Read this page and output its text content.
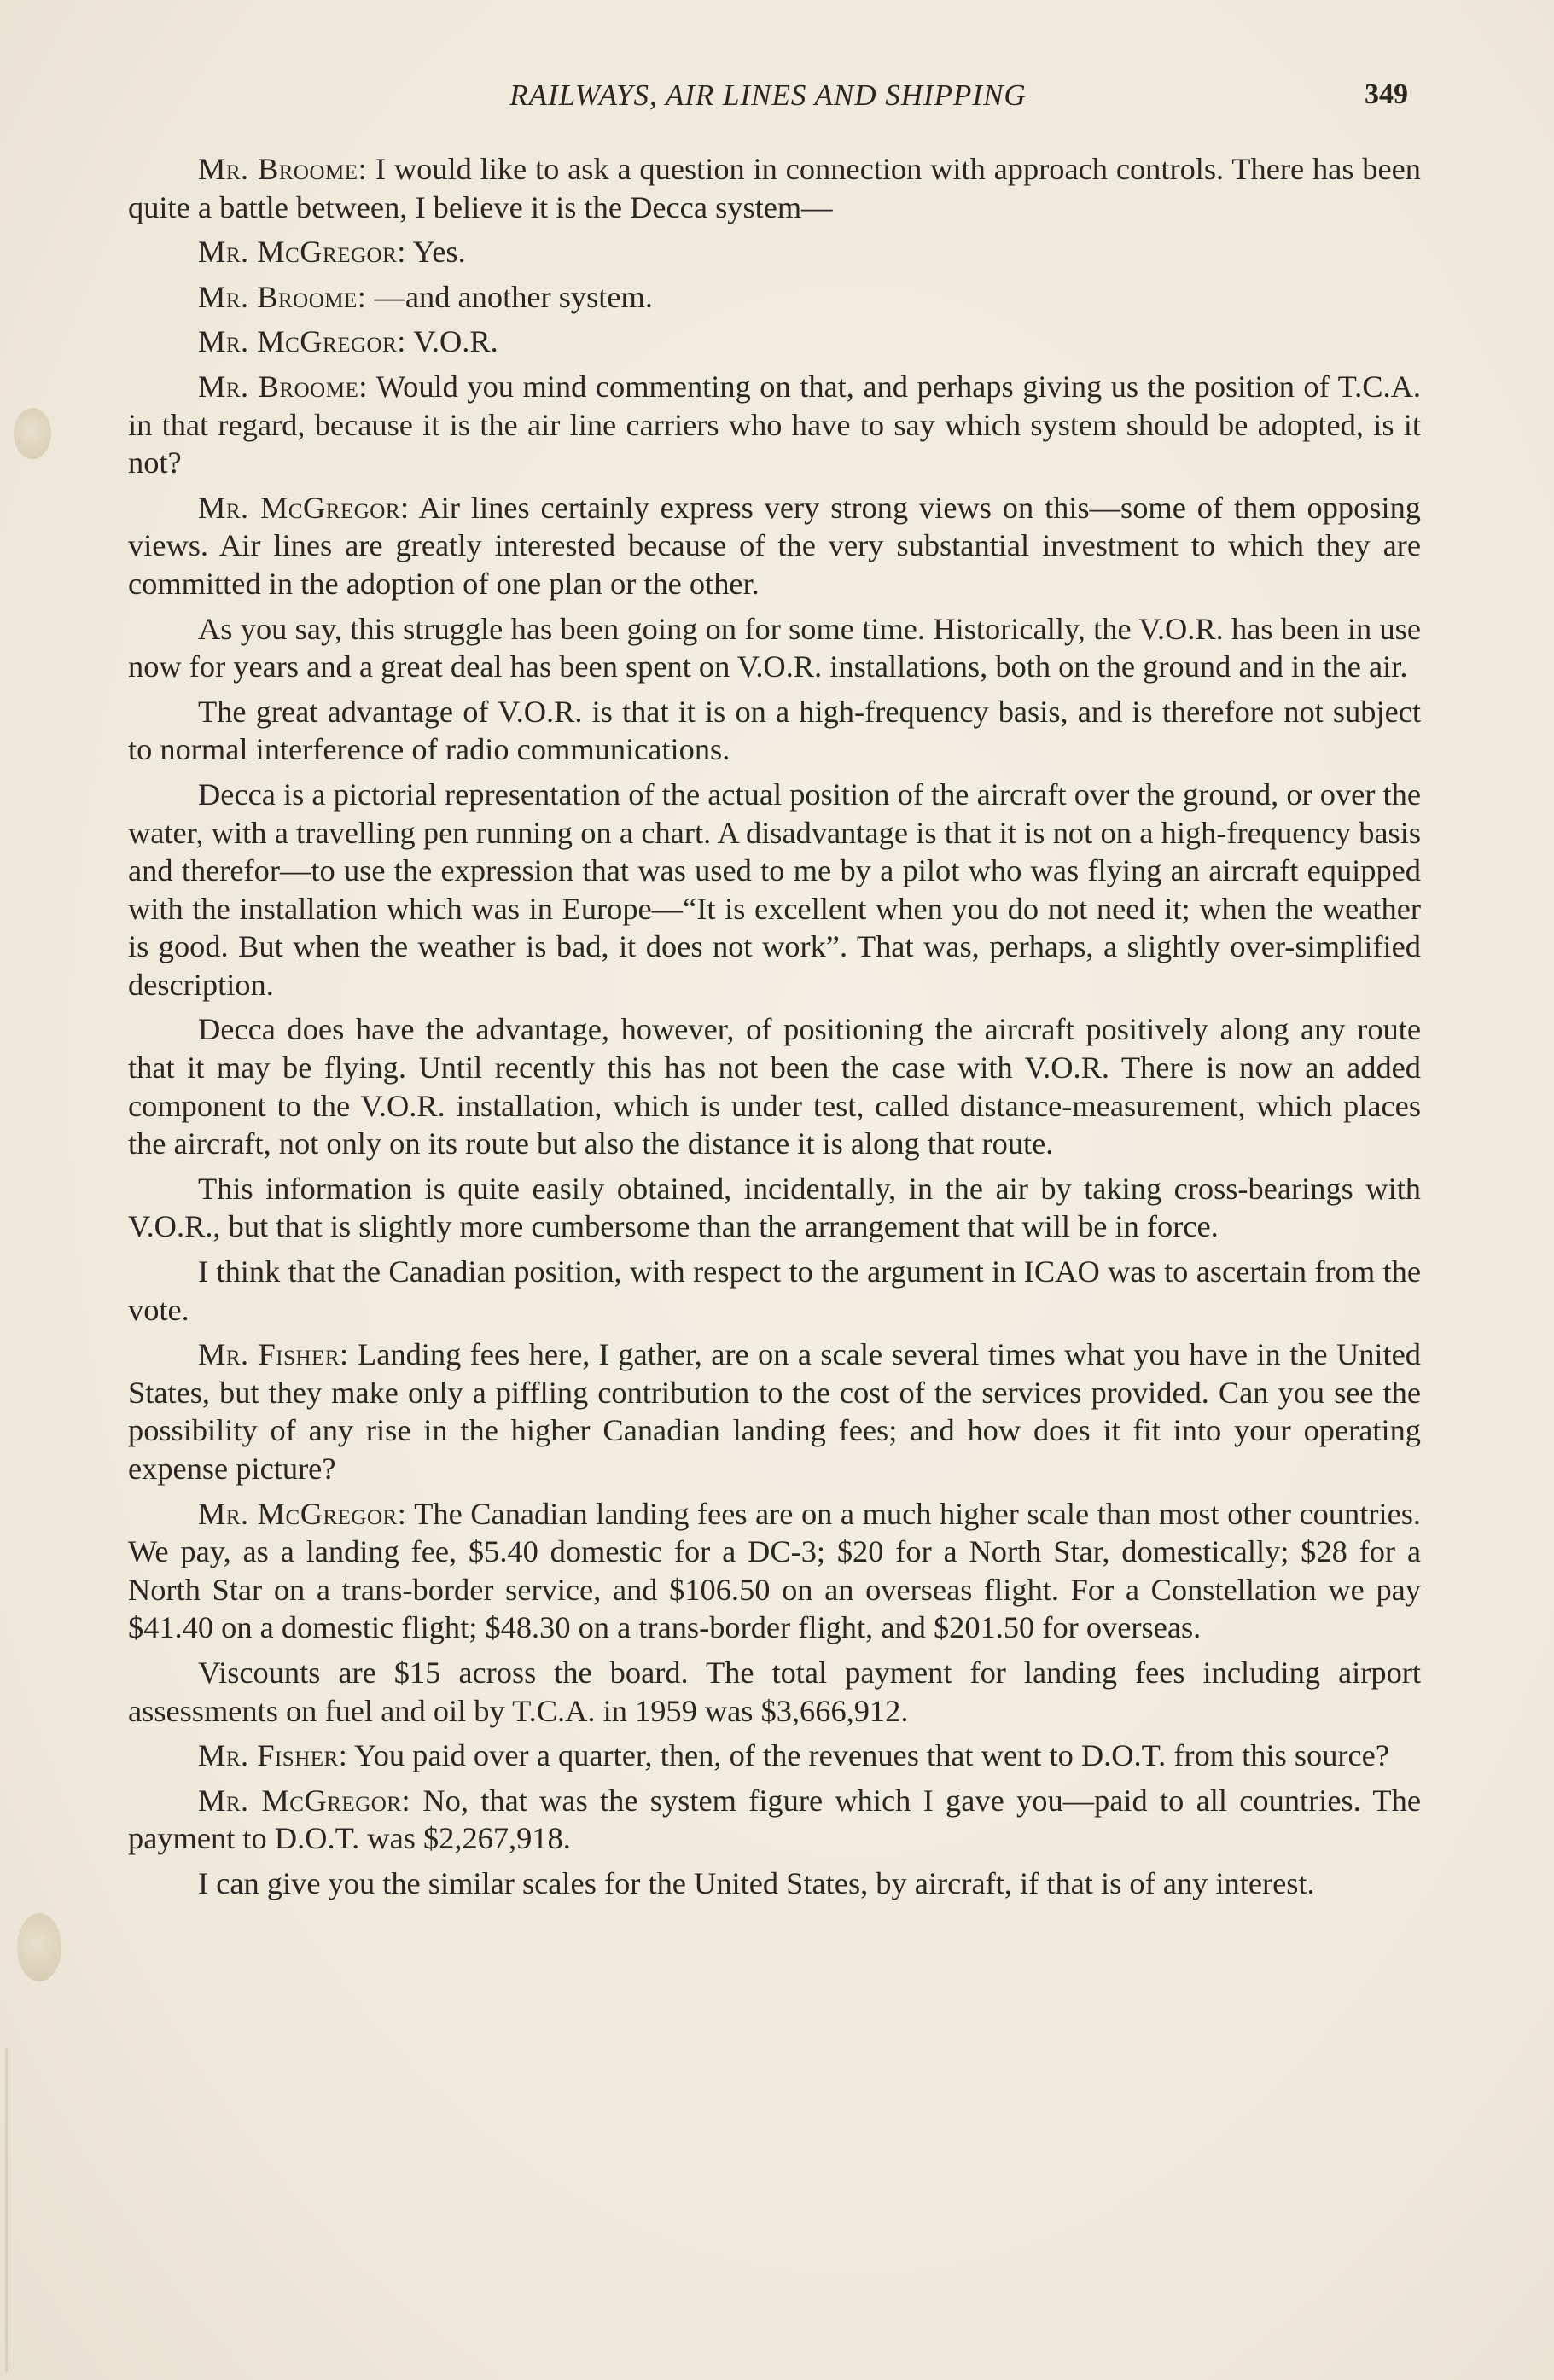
RAILWAYS, AIR LINES AND SHIPPING	349

Mr. Broome: I would like to ask a question in connection with approach controls. There has been quite a battle between, I believe it is the Decca system—

Mr. McGregor: Yes.

Mr. Broome: —and another system.

Mr. McGregor: V.O.R.

Mr. Broome: Would you mind commenting on that, and perhaps giving us the position of T.C.A. in that regard, because it is the air line carriers who have to say which system should be adopted, is it not?

Mr. McGregor: Air lines certainly express very strong views on this—some of them opposing views. Air lines are greatly interested because of the very substantial investment to which they are committed in the adoption of one plan or the other.

As you say, this struggle has been going on for some time. Historically, the V.O.R. has been in use now for years and a great deal has been spent on V.O.R. installations, both on the ground and in the air.

The great advantage of V.O.R. is that it is on a high-frequency basis, and is therefore not subject to normal interference of radio communications.

Decca is a pictorial representation of the actual position of the aircraft over the ground, or over the water, with a travelling pen running on a chart. A disadvantage is that it is not on a high-frequency basis and therefor—to use the expression that was used to me by a pilot who was flying an aircraft equipped with the installation which was in Europe—“It is excellent when you do not need it; when the weather is good. But when the weather is bad, it does not work”. That was, perhaps, a slightly over-simplified description.

Decca does have the advantage, however, of positioning the aircraft positively along any route that it may be flying. Until recently this has not been the case with V.O.R. There is now an added component to the V.O.R. installation, which is under test, called distance-measurement, which places the aircraft, not only on its route but also the distance it is along that route.

This information is quite easily obtained, incidentally, in the air by taking cross-bearings with V.O.R., but that is slightly more cumbersome than the arrangement that will be in force.

I think that the Canadian position, with respect to the argument in ICAO was to ascertain from the vote.

Mr. Fisher: Landing fees here, I gather, are on a scale several times what you have in the United States, but they make only a piffling contribution to the cost of the services provided. Can you see the possibility of any rise in the higher Canadian landing fees; and how does it fit into your operating expense picture?

Mr. McGregor: The Canadian landing fees are on a much higher scale than most other countries. We pay, as a landing fee, $5.40 domestic for a DC-3; $20 for a North Star, domestically; $28 for a North Star on a trans-border service, and $106.50 on an overseas flight. For a Constellation we pay $41.40 on a domestic flight; $48.30 on a trans-border flight, and $201.50 for overseas.

Viscounts are $15 across the board. The total payment for landing fees including airport assessments on fuel and oil by T.C.A. in 1959 was $3,666,912.

Mr. Fisher: You paid over a quarter, then, of the revenues that went to D.O.T. from this source?

Mr. McGregor: No, that was the system figure which I gave you—paid to all countries. The payment to D.O.T. was $2,267,918.

I can give you the similar scales for the United States, by aircraft, if that is of any interest.
